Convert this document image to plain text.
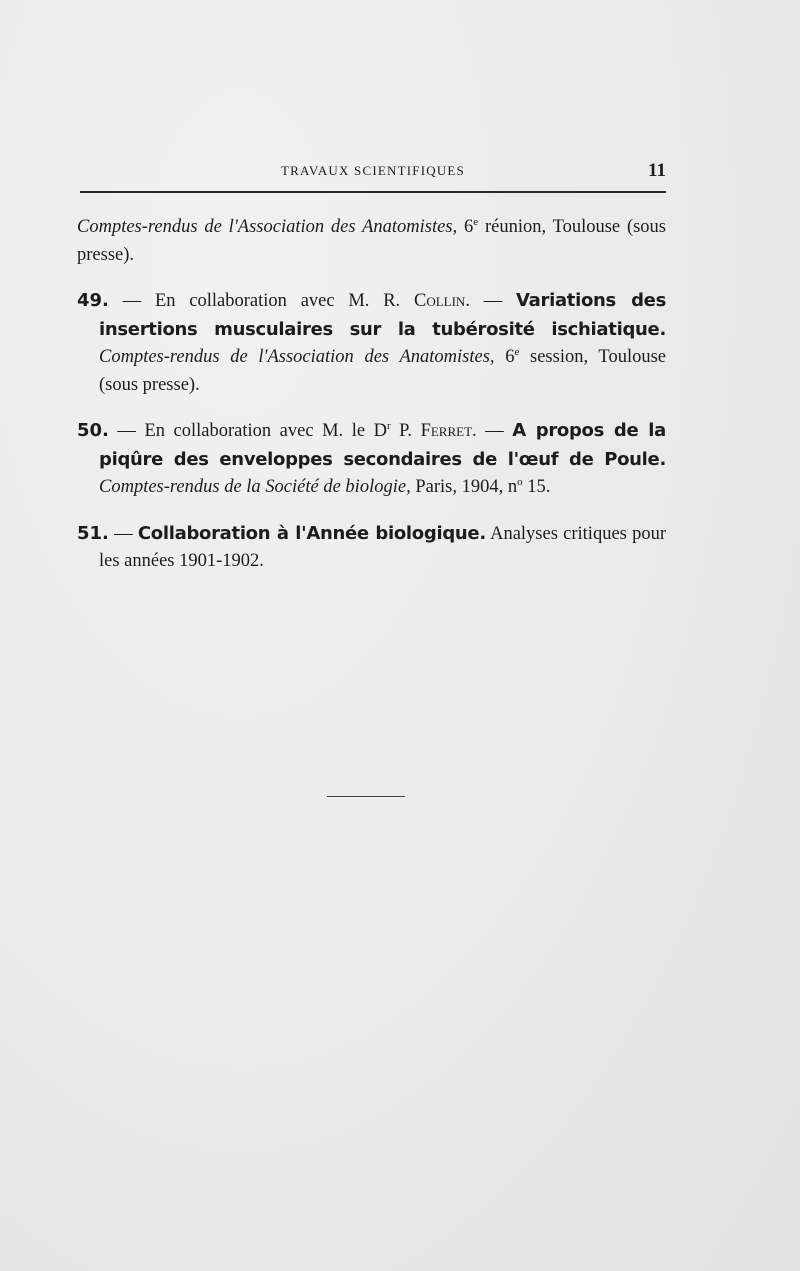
TRAVAUX SCIENTIFIQUES	11

Comptes-rendus de l'Association des Anatomistes, 6e réunion, Toulouse (sous presse).

49. — En collaboration avec M. R. Collin. — Variations des insertions musculaires sur la tubérosité ischiatique. Comptes-rendus de l'Association des Anatomistes, 6e session, Toulouse (sous presse).

50. — En collaboration avec M. le $D^r$ P. Ferret. — A propos de la piqûre des enveloppes secondaires de l'œuf de Poule. Comptes-rendus de la Société de biologie, Paris, 1904, $n^o$ 15.

51. — Collaboration à l'Année biologique. Analyses critiques pour les années 1901-1902.
